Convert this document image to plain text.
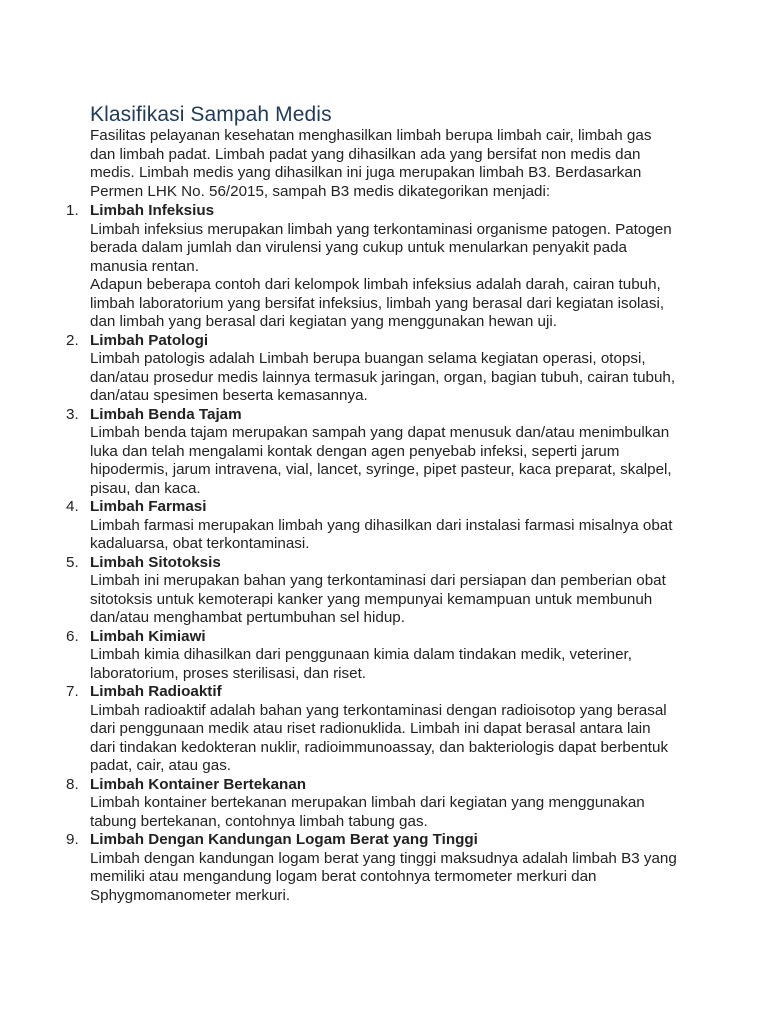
Klasifikasi Sampah Medis

Fasilitas pelayanan kesehatan menghasilkan limbah berupa limbah cair, limbah gas dan limbah padat. Limbah padat yang dihasilkan ada yang bersifat non medis dan medis. Limbah medis yang dihasilkan ini juga merupakan limbah B3. Berdasarkan Permen LHK No. 56/2015, sampah B3 medis dikategorikan menjadi:

1. Limbah Infeksius
Limbah infeksius merupakan limbah yang terkontaminasi organisme patogen. Patogen berada dalam jumlah dan virulensi yang cukup untuk menularkan penyakit pada manusia rentan.
Adapun beberapa contoh dari kelompok limbah infeksius adalah darah, cairan tubuh, limbah laboratorium yang bersifat infeksius, limbah yang berasal dari kegiatan isolasi, dan limbah yang berasal dari kegiatan yang menggunakan hewan uji.
2. Limbah Patologi
Limbah patologis adalah Limbah berupa buangan selama kegiatan operasi, otopsi, dan/atau prosedur medis lainnya termasuk jaringan, organ, bagian tubuh, cairan tubuh, dan/atau spesimen beserta kemasannya.
3. Limbah Benda Tajam
Limbah benda tajam merupakan sampah yang dapat menusuk dan/atau menimbulkan luka dan telah mengalami kontak dengan agen penyebab infeksi, seperti jarum hipodermis, jarum intravena, vial, lancet, syringe, pipet pasteur, kaca preparat, skalpel, pisau, dan kaca.
4. Limbah Farmasi
Limbah farmasi merupakan limbah yang dihasilkan dari instalasi farmasi misalnya obat kadaluarsa, obat terkontaminasi.
5. Limbah Sitotoksis
Limbah ini merupakan bahan yang terkontaminasi dari persiapan dan pemberian obat sitotoksis untuk kemoterapi kanker yang mempunyai kemampuan untuk membunuh dan/atau menghambat pertumbuhan sel hidup.
6. Limbah Kimiawi
Limbah kimia dihasilkan dari penggunaan kimia dalam tindakan medik, veteriner, laboratorium, proses sterilisasi, dan riset.
7. Limbah Radioaktif
Limbah radioaktif adalah bahan yang terkontaminasi dengan radioisotop yang berasal dari penggunaan medik atau riset radionuklida. Limbah ini dapat berasal antara lain dari tindakan kedokteran nuklir, radioimmunoassay, dan bakteriologis dapat berbentuk padat, cair, atau gas.
8. Limbah Kontainer Bertekanan
Limbah kontainer bertekanan merupakan limbah dari kegiatan yang menggunakan tabung bertekanan, contohnya limbah tabung gas.
9. Limbah Dengan Kandungan Logam Berat yang Tinggi
Limbah dengan kandungan logam berat yang tinggi maksudnya adalah limbah B3 yang memiliki atau mengandung logam berat contohnya termometer merkuri dan Sphygmomanometer merkuri.
